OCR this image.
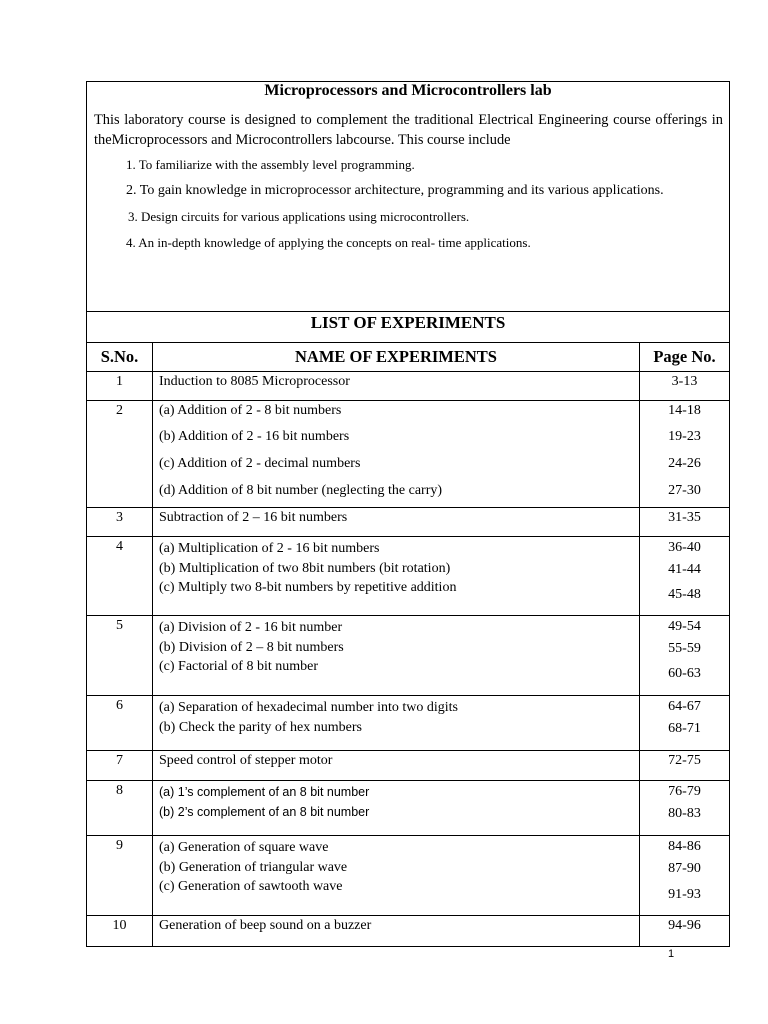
Microprocessors and Microcontrollers lab

This laboratory course is designed to complement the traditional Electrical Engineering course offerings in theMicroprocessors and Microcontrollers labcourse. This course include

1. To familiarize with the assembly level programming.
2. To gain knowledge in microprocessor architecture, programming and its various applications.
3. Design circuits for various applications using microcontrollers.
4. An in-depth knowledge of applying the concepts on real- time applications.
LIST OF EXPERIMENTS
S.No.	NAME OF EXPERIMENTS	Page No.
1	Induction to 8085 Microprocessor	3-13

2	(a) Addition of 2 - 8 bit numbers
(b) Addition of 2 - 16 bit numbers
(c) Addition of 2 - decimal numbers
(d) Addition of 8 bit number (neglecting the carry)	14-18
19-23
24-26
27-30

3	Subtraction of 2 – 16 bit numbers	31-35

4	(a) Multiplication of 2 - 16 bit numbers
(b) Multiplication of two 8bit numbers (bit rotation)
(c) Multiply two 8-bit numbers by repetitive addition	36-40
41-44
45-48

5	(a) Division of 2 - 16 bit number
(b) Division of 2 – 8 bit numbers
(c) Factorial of 8 bit number	49-54
55-59
60-63

6	(a) Separation of hexadecimal number into two digits
(b) Check the parity of hex numbers	64-67
68-71

7	Speed control of stepper motor	72-75

8	(a) 1’s complement of an 8 bit number
(b) 2’s complement of an 8 bit number	76-79
80-83

9	(a) Generation of square wave
(b) Generation of triangular wave
(c) Generation of sawtooth wave	84-86
87-90
91-93

10	Generation of beep sound on a buzzer	94-96
1
